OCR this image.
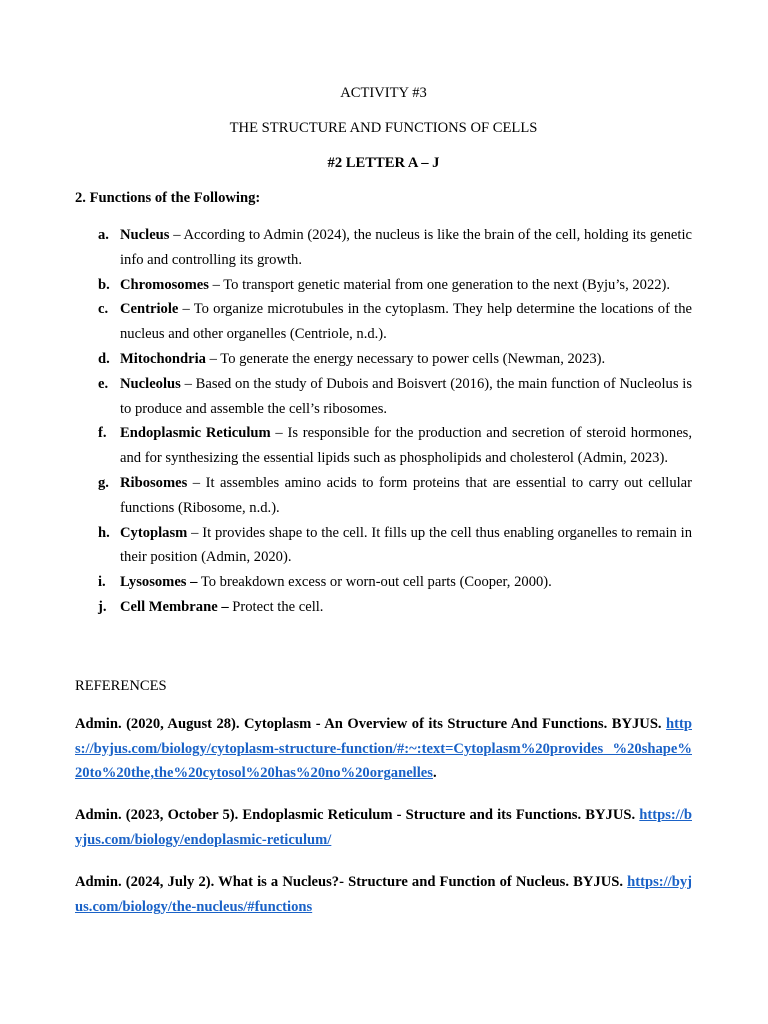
ACTIVITY #3

THE STRUCTURE AND FUNCTIONS OF CELLS

#2 LETTER A – J

2. Functions of the Following:

a. Nucleus – According to Admin (2024), the nucleus is like the brain of the cell, holding its genetic info and controlling its growth.
b. Chromosomes – To transport genetic material from one generation to the next (Byju’s, 2022).
c. Centriole – To organize microtubules in the cytoplasm. They help determine the locations of the nucleus and other organelles (Centriole, n.d.).
d. Mitochondria – To generate the energy necessary to power cells (Newman, 2023).
e. Nucleolus – Based on the study of Dubois and Boisvert (2016), the main function of Nucleolus is to produce and assemble the cell’s ribosomes.
f. Endoplasmic Reticulum – Is responsible for the production and secretion of steroid hormones, and for synthesizing the essential lipids such as phospholipids and cholesterol (Admin, 2023).
g. Ribosomes – It assembles amino acids to form proteins that are essential to carry out cellular functions (Ribosome, n.d.).
h. Cytoplasm – It provides shape to the cell. It fills up the cell thus enabling organelles to remain in their position (Admin, 2020).
i. Lysosomes – To breakdown excess or worn-out cell parts (Cooper, 2000).
j. Cell Membrane – Protect the cell.

REFERENCES

Admin. (2020, August 28). Cytoplasm - An Overview of its Structure And Functions. BYJUS. https://byjus.com/biology/cytoplasm-structure-function/#:~:text=Cytoplasm%20provides %20shape%20to%20the,the%20cytosol%20has%20no%20organelles.

Admin. (2023, October 5). Endoplasmic Reticulum - Structure and its Functions. BYJUS. https://byjus.com/biology/endoplasmic-reticulum/

Admin. (2024, July 2). What is a Nucleus?- Structure and Function of Nucleus. BYJUS. https://byjus.com/biology/the-nucleus/#functions
